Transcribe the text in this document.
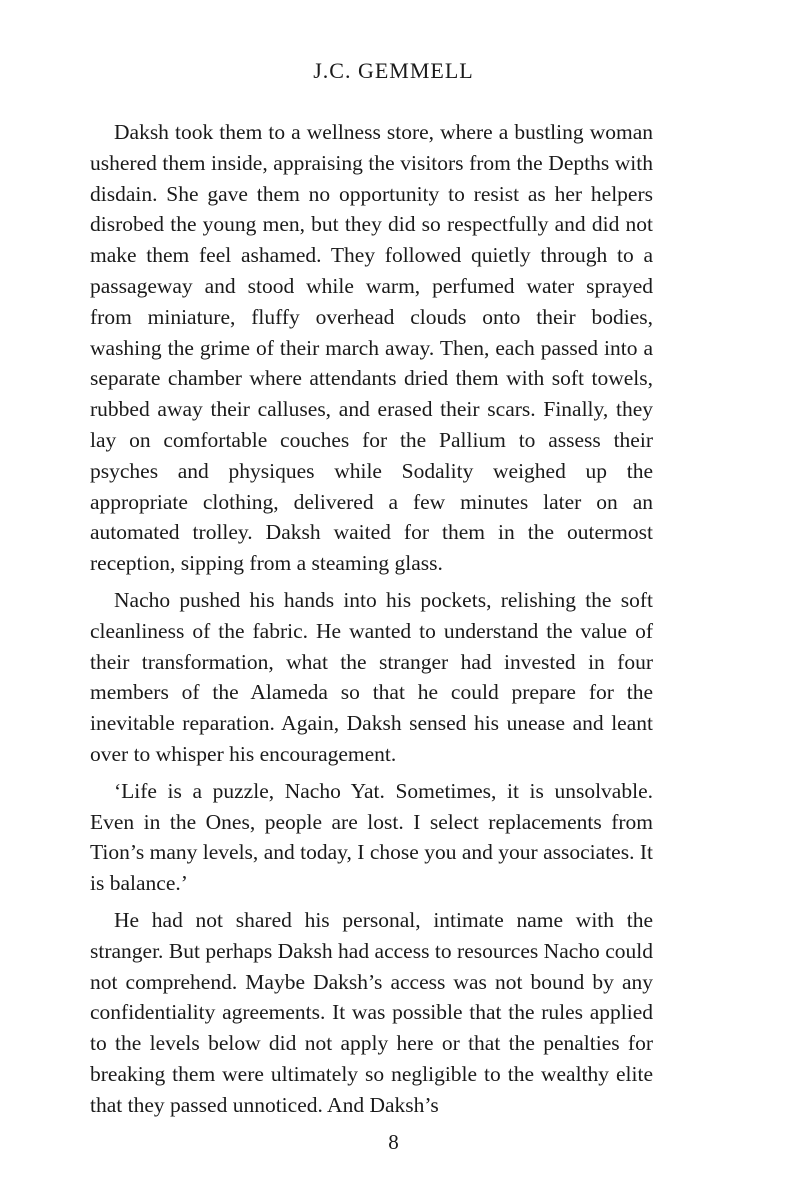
J.C. GEMMELL

Daksh took them to a wellness store, where a bustling woman ushered them inside, appraising the visitors from the Depths with disdain. She gave them no opportunity to resist as her helpers disrobed the young men, but they did so respectfully and did not make them feel ashamed. They followed quietly through to a passageway and stood while warm, perfumed water sprayed from miniature, fluffy overhead clouds onto their bodies, washing the grime of their march away. Then, each passed into a separate chamber where attendants dried them with soft towels, rubbed away their calluses, and erased their scars. Finally, they lay on comfortable couches for the Pallium to assess their psyches and physiques while Sodality weighed up the appropriate clothing, delivered a few minutes later on an automated trolley. Daksh waited for them in the outermost reception, sipping from a steaming glass.

Nacho pushed his hands into his pockets, relishing the soft cleanliness of the fabric. He wanted to understand the value of their transformation, what the stranger had invested in four members of the Alameda so that he could prepare for the inevitable reparation. Again, Daksh sensed his unease and leant over to whisper his encouragement.

‘Life is a puzzle, Nacho Yat. Sometimes, it is unsolvable. Even in the Ones, people are lost. I select replacements from Tion’s many levels, and today, I chose you and your associates. It is balance.’

He had not shared his personal, intimate name with the stranger. But perhaps Daksh had access to resources Nacho could not comprehend. Maybe Daksh’s access was not bound by any confidentiality agreements. It was possible that the rules applied to the levels below did not apply here or that the penalties for breaking them were ultimately so negligible to the wealthy elite that they passed unnoticed. And Daksh’s

8
